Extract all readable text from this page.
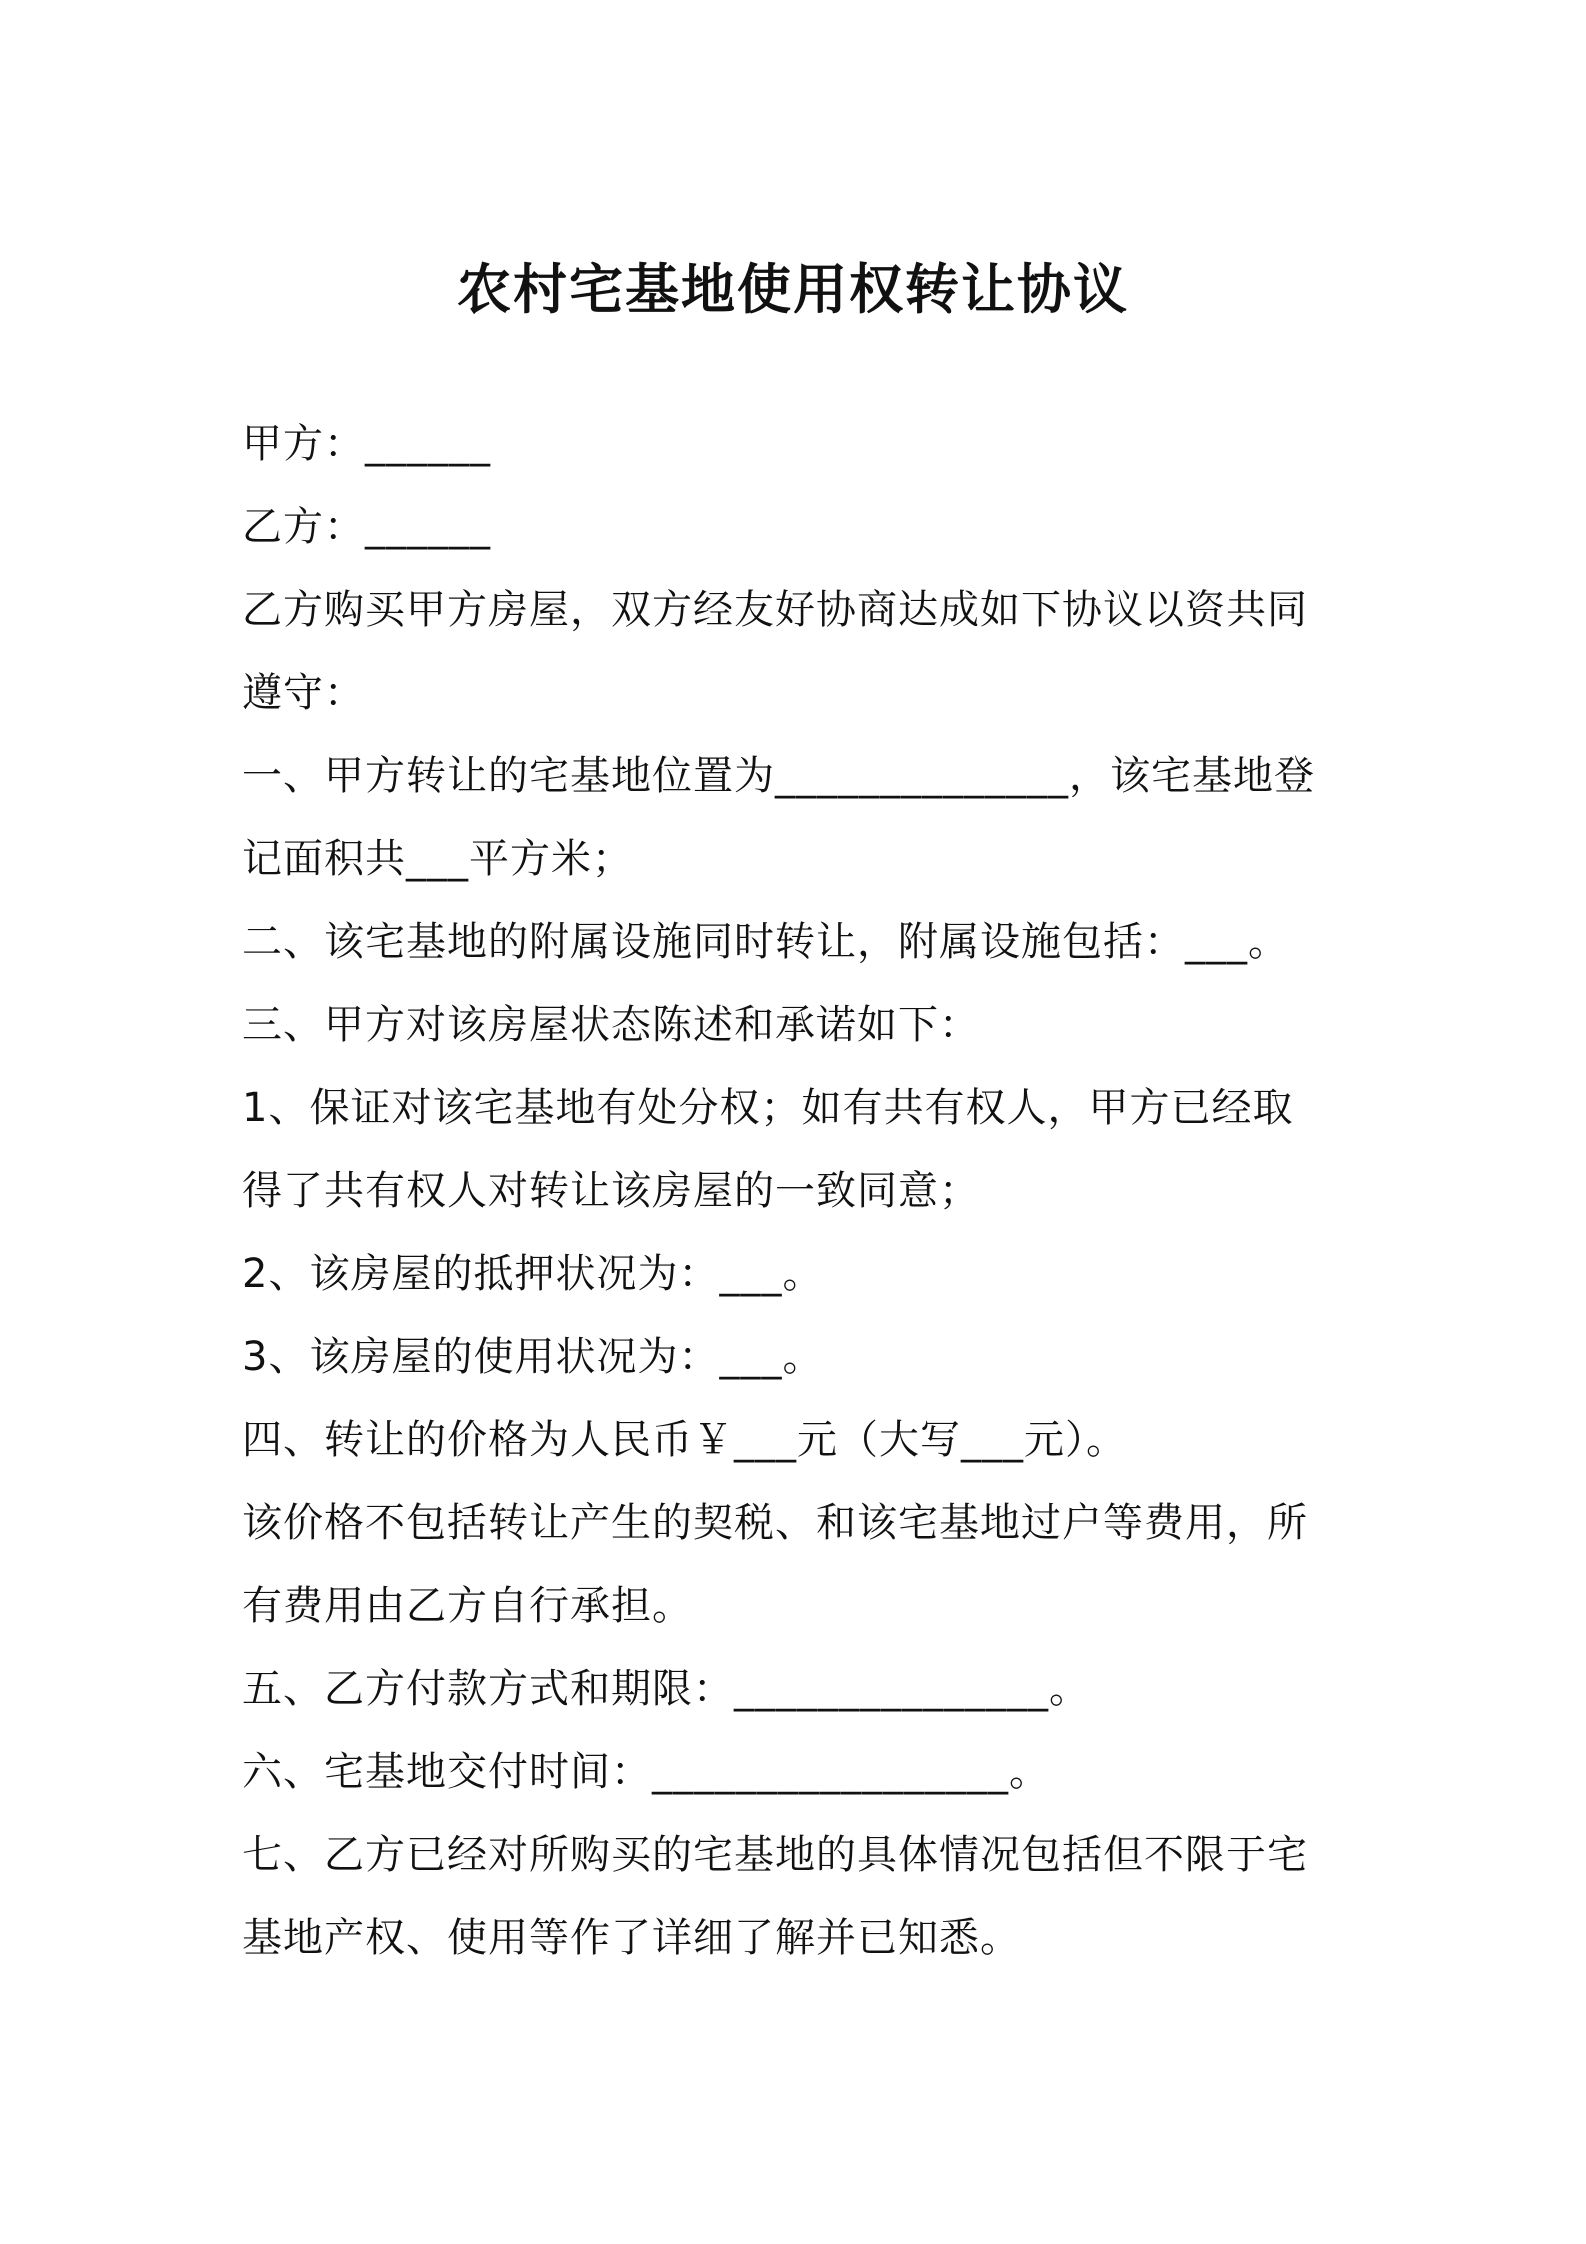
农村宅基地使用权转让协议

甲方：______

乙方：______

乙方购买甲方房屋，双方经友好协商达成如下协议以资共同

遵守：

一、甲方转让的宅基地位置为______________，该宅基地登

记面积共___平方米；

二、该宅基地的附属设施同时转让，附属设施包括：___。

三、甲方对该房屋状态陈述和承诺如下：

1、保证对该宅基地有处分权；如有共有权人，甲方已经取

得了共有权人对转让该房屋的一致同意；

2、该房屋的抵押状况为：___。

3、该房屋的使用状况为：___。

四、转让的价格为人民币￥___元（大写___元）。

该价格不包括转让产生的契税、和该宅基地过户等费用，所

有费用由乙方自行承担。

五、乙方付款方式和期限：_______________。

六、宅基地交付时间：_________________。

七、乙方已经对所购买的宅基地的具体情况包括但不限于宅

基地产权、使用等作了详细了解并已知悉。
